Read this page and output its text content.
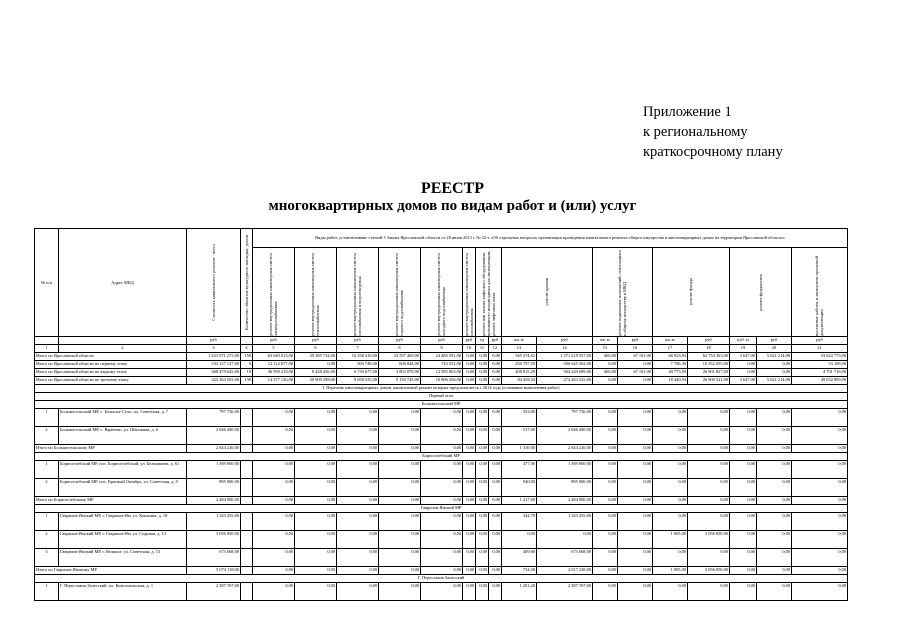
Приложение 1
к региональному
краткосрочному плану
РЕЕСТР
многоквартирных домов по видам работ и (или) услуг
№ п/п	Адрес МКД	Стоимость капитального ремонта - всего	Количество объектов культурного наследия, домов	Виды работ, установленные статьей 5 Закона Ярославской области от 28 июня 2013 г. № 32-з «Об отдельных вопросах организации проведения капитального ремонта общего имущества в многоквартирных домах на территории Ярославской области»																

				ремонт внутридомовых инженерных систем электроснабжения	ремонт внутридомовых инженерных систем теплоснабжения	ремонт внутридомовых инженерных систем газоснабжения и водоотведения	ремонт внутридомовых инженерных систем горячего водоснабжения	ремонт внутридомовых инженерных систем холодного водоснабжения	ремонт внутридомовых инженерных систем газоснабжения	ремонт или замена лифтового оборудования, признанного непригодным для эксплуатации, ремонт лифтовых шахт		ремонт крыши		ремонт подвальных помещений, относящихся к общему имуществу в МКД		ремонт фасада		ремонт фундамента		проектные работы и экспертиза проектной документации

		руб		руб	руб	руб	руб	руб	руб	ед	руб	кв. м	руб	кв. м	руб	кв. м	руб	куб. м	руб	руб
1	2	3	4	5	6	7	8	9	10	11	12	13	14	15	16	17	18	19	20	21
Итого по Ярославской области		1 623 971 275,00	158	63 649 013,00	29 385 734,00	16 358 410,00	23 597 469,00	24 485 591,00	0,00	0,00	0,00	549 374,62	1 371 218 557,00	400,00	67 101,00	66 923,83	62 754 363,00	3 647,00	5 621 214,00	53 022 775,00
Итого по Ярославской области по первому этапу		533 127 127,00	0	12 112 677,00	0,00	569 748,00	606 844,00	743 552,00	0,00	0,00	0,00	256 797,59	506 645 362,00	0,00	0,00	7 706,30	10 352 055,00	0,00	0,00	53 108,00
Итого по Ярославской области по второму этапу		668 479 645,00	19	36 959 210,00	8 448 456,00	6 730 677,00	3 803 870,00	12 985 863,00	0,00	0,00	0,00	208 815,29	564 249 689,00	400,00	67 101,00	40 775,59	26 901 827,00	0,00	0,00	4 701 716,00
Итого по Ярославской области по третьему этапу		422 364 503,00	139	14 577 126,00	20 909 298,00	9 058 535,00	9 150 745,00	10 806 456,00	0,00	0,00	0,00	84 458,34	274 263 525,00	0,00	0,00	18 440,94	26 900 521,00	3 647,00	5 621 214,00	49 032 909,00
I. Перечень многоквартирных домов, капитальный ремонт которых предполагается с 2014 года (основание выполнения работ)																				
Первый этап																				
Большесельский МР																				
1	Большесельский МР, с. Большое Село, пл. Советская, д. 7	797 736,00		0,00	0,00	0,00	0,00	0,00	0,00	0,00	0,00	353,00	797 736,00	0,00	0,00	0,00	0,00	0,00	0,00	0,00
2	Большесельский МР, с. Варегово, ул. Школьная, д. 6	2 046 490,00		0,00	0,00	0,00	0,00	0,00	0,00	0,00	0,00	517,00	2 046 490,00	0,00	0,00	0,00	0,00	0,00	0,00	0,00
Итого по Большесельскому МР		2 844 226,00		0,00	0,00	0,00	0,00	0,00	0,00	0,00	0,00	1 310,00	2 844 226,00	0,00	0,00	0,00	0,00	0,00	0,00	0,00
Борисоглебский МР																				
1	Борисоглебский МР, пос. Борисоглебский, ул. Бельникова, д. 61	1 589 900,00		0,00	0,00	0,00	0,00	0,00	0,00	0,00	0,00	477,00	1 589 900,00	0,00	0,00	0,00	0,00	0,00	0,00	0,00
2	Борисоглебский МР, пос. Красный Октябрь, ул. Советская, д. 9	895 000,00		0,00	0,00	0,00	0,00	0,00	0,00	0,00	0,00	940,00	895 000,00	0,00	0,00	0,00	0,00	0,00	0,00	0,00
Итого по Борисоглебскому МР		2 484 900,00		0,00	0,00	0,00	0,00	0,00	0,00	0,00	0,00	1 417,00	2 484 900,00	0,00	0,00	0,00	0,00	0,00	0,00	0,00
Гаврилов-Ямский МР																				
1	Гаврилов-Ямский МР, г. Гаврилов-Ям, ул. Кошкина, д. 18	1 343 455,00		0,00	0,00	0,00	0,00	0,00	0,00	0,00	0,00	344,70	1 343 455,00	0,00	0,00	0,00	0,00	0,00	0,00	0,00
2	Гаврилов-Ямский МР, г. Гаврилов-Ям, ул. Седьмая, д. 13	3 056 850,00		0,00	0,00	0,00	0,00	0,00	0,00	0,00	0,00	0,00	0,00	0,00	0,00	1 905,00	3 056 850,00	0,00	0,00	0,00
3	Гаврилов-Ямский МР, г. Великое, ул. Советская, д. 15	673 668,00		0,00	0,00	0,00	0,00	0,00	0,00	0,00	0,00	409,60	673 668,00	0,00	0,00	0,00	0,00	0,00	0,00	0,00
Итого по Гаврилов-Ямскому МР		5 074 118,00		0,00	0,00	0,00	0,00	0,00	0,00	0,00	0,00	754,30	2 017 238,00	0,00	0,00	1 905,00	3 056 850,00	0,00	0,00	0,00
Г. Переславль-Залесский																				
1	Г. Переславль-Залесский, пл. Комсомольская, д. 1	2 587 767,00		0,00	0,00	0,00	0,00	0,00	0,00	0,00	0,00	1 201,20	2 587 767,00	0,00	0,00	0,00	0,00	0,00	0,00	0,00
